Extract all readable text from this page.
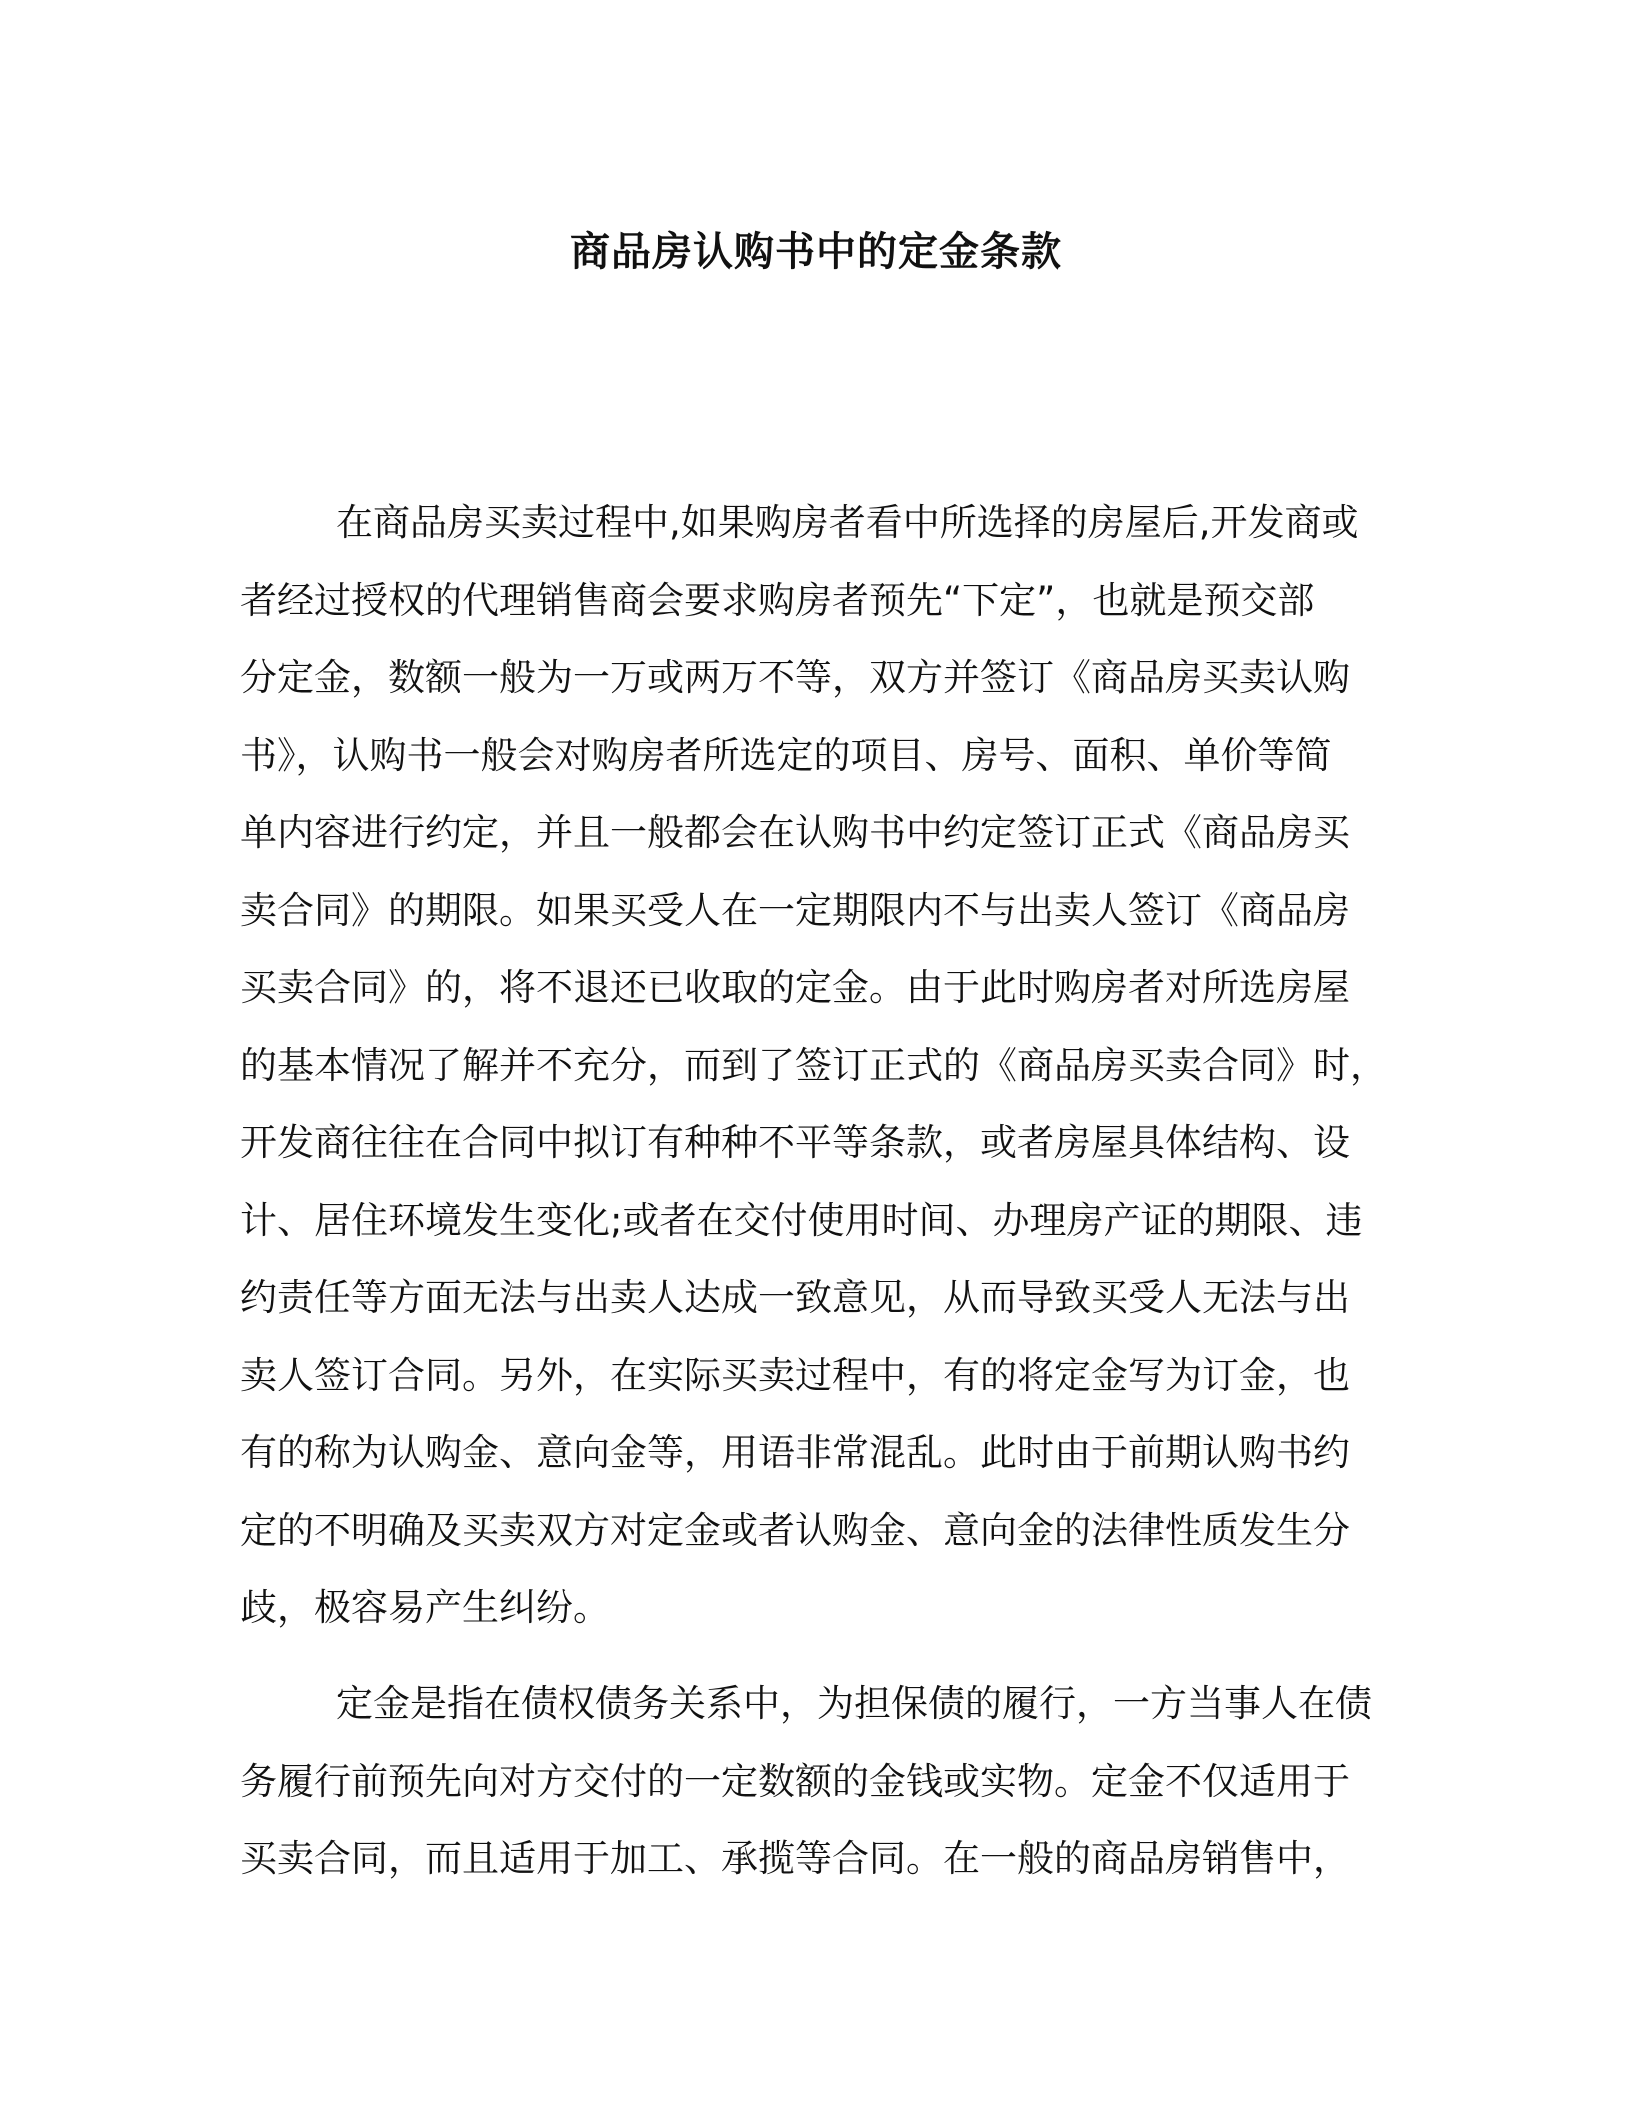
商品房认购书中的定金条款
在商品房买卖过程中,如果购房者看中所选择的房屋后,开发商或
者经过授权的代理销售商会要求购房者预先“下定”，也就是预交部
分定金，数额一般为一万或两万不等，双方并签订《商品房买卖认购
书》，认购书一般会对购房者所选定的项目、房号、面积、单价等简
单内容进行约定，并且一般都会在认购书中约定签订正式《商品房买
卖合同》的期限。如果买受人在一定期限内不与出卖人签订《商品房
买卖合同》的，将不退还已收取的定金。由于此时购房者对所选房屋
的基本情况了解并不充分，而到了签订正式的《商品房买卖合同》时，
开发商往往在合同中拟订有种种不平等条款，或者房屋具体结构、设
计、居住环境发生变化;或者在交付使用时间、办理房产证的期限、违
约责任等方面无法与出卖人达成一致意见，从而导致买受人无法与出
卖人签订合同。另外，在实际买卖过程中，有的将定金写为订金，也
有的称为认购金、意向金等，用语非常混乱。此时由于前期认购书约
定的不明确及买卖双方对定金或者认购金、意向金的法律性质发生分
歧，极容易产生纠纷。
定金是指在债权债务关系中，为担保债的履行，一方当事人在债
务履行前预先向对方交付的一定数额的金钱或实物。定金不仅适用于
买卖合同，而且适用于加工、承揽等合同。在一般的商品房销售中，
